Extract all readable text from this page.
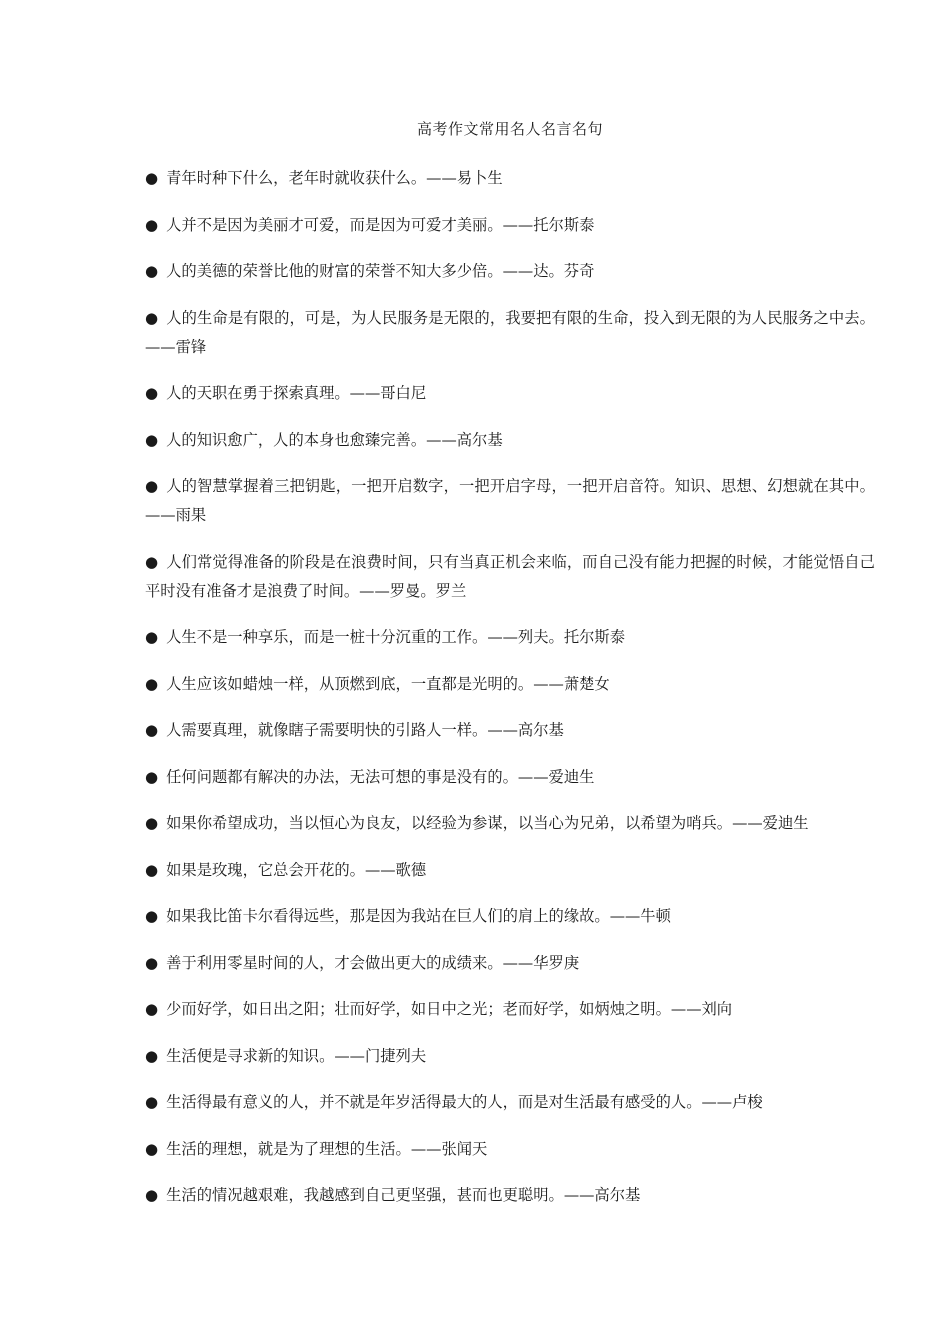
高考作文常用名人名言名句

● 青年时种下什么，老年时就收获什么。——易卜生

● 人并不是因为美丽才可爱，而是因为可爱才美丽。——托尔斯泰

● 人的美德的荣誉比他的财富的荣誉不知大多少倍。——达。芬奇

● 人的生命是有限的，可是，为人民服务是无限的，我要把有限的生命，投入到无限的为人民服务之中去。——雷锋

● 人的天职在勇于探索真理。——哥白尼

● 人的知识愈广，人的本身也愈臻完善。——高尔基

● 人的智慧掌握着三把钥匙，一把开启数字，一把开启字母，一把开启音符。知识、思想、幻想就在其中。——雨果

● 人们常觉得准备的阶段是在浪费时间，只有当真正机会来临，而自己没有能力把握的时候，才能觉悟自己平时没有准备才是浪费了时间。——罗曼。罗兰

● 人生不是一种享乐，而是一桩十分沉重的工作。——列夫。托尔斯泰

● 人生应该如蜡烛一样，从顶燃到底，一直都是光明的。——萧楚女

● 人需要真理，就像瞎子需要明快的引路人一样。——高尔基

● 任何问题都有解决的办法，无法可想的事是没有的。——爱迪生

● 如果你希望成功，当以恒心为良友，以经验为参谋，以当心为兄弟，以希望为哨兵。——爱迪生

● 如果是玫瑰，它总会开花的。——歌德

● 如果我比笛卡尔看得远些，那是因为我站在巨人们的肩上的缘故。——牛顿

● 善于利用零星时间的人，才会做出更大的成绩来。——华罗庚

● 少而好学，如日出之阳；壮而好学，如日中之光；老而好学，如炳烛之明。——刘向

● 生活便是寻求新的知识。——门捷列夫

● 生活得最有意义的人，并不就是年岁活得最大的人，而是对生活最有感受的人。——卢梭

● 生活的理想，就是为了理想的生活。——张闻天

● 生活的情况越艰难，我越感到自己更坚强，甚而也更聪明。——高尔基
